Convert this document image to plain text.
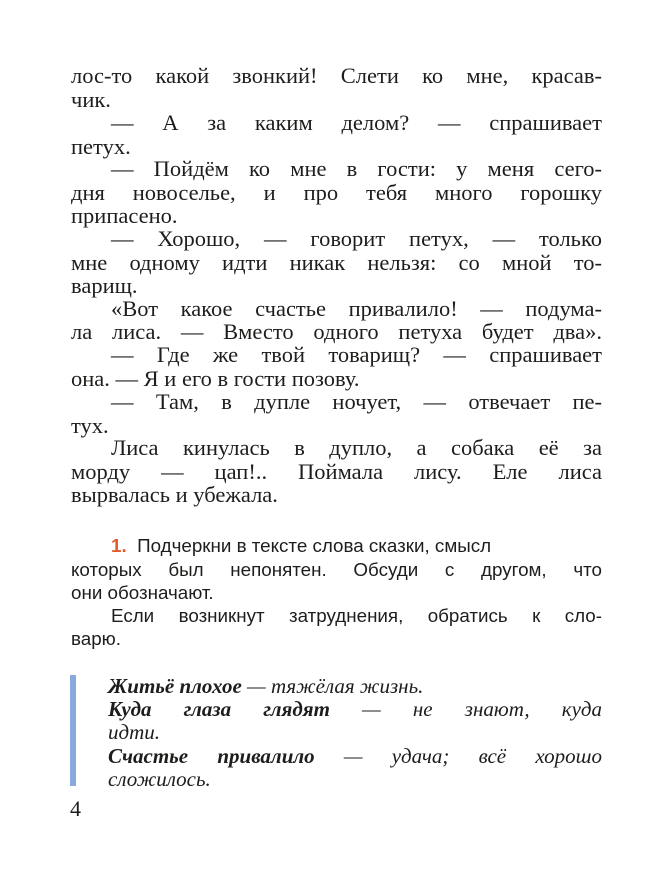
лос-то какой звонкий! Слети ко мне, красав-
чик.
— А за каким делом? — спрашивает
петух.
— Пойдём ко мне в гости: у меня сего-
дня новоселье, и про тебя много горошку
припасено.
— Хорошо, — говорит петух, — только
мне одному идти никак нельзя: со мной то-
варищ.
«Вот какое счастье привалило! — подума-
ла лиса. — Вместо одного петуха будет два».
— Где же твой товарищ? — спрашивает
она. — Я и его в гости позову.
— Там, в дупле ночует, — отвечает пе-
тух.
Лиса кинулась в дупло, а собака её за
морду — цап!.. Поймала лису. Еле лиса
вырвалась и убежала.
1. Подчеркни в тексте слова сказки, смысл
которых был непонятен. Обсуди с другом, что
они обозначают.
Если возникнут затруднения, обратись к сло-
варю.
Житьё плохое — тяжёлая жизнь.
Куда глаза глядят — не знают, куда
идти.
Счастье привалило — удача; всё хорошо
сложилось.
4
